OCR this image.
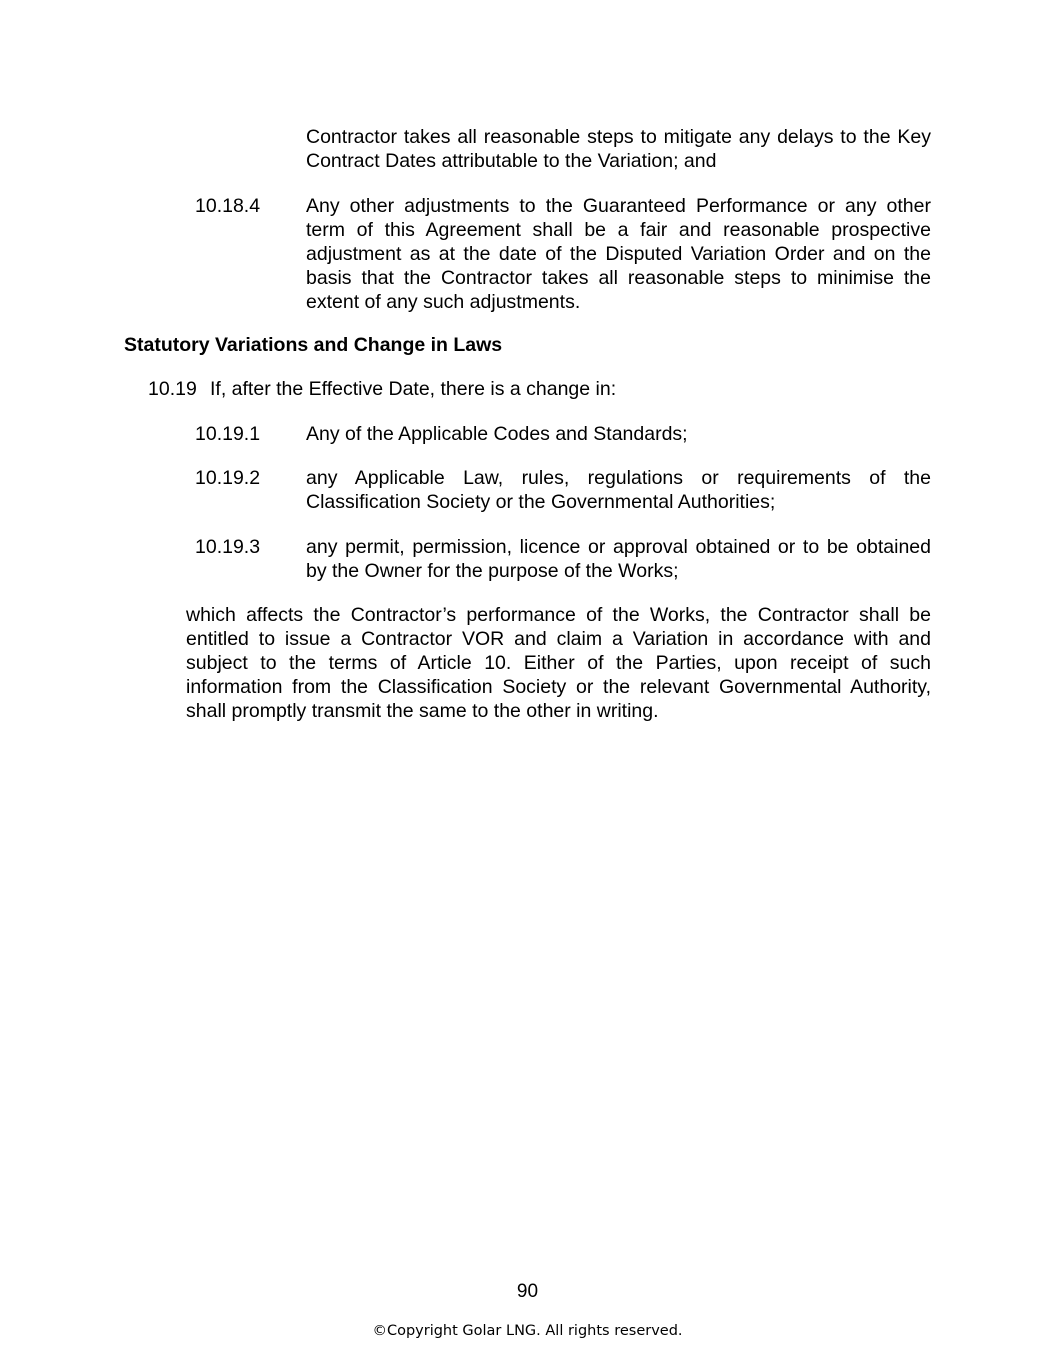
Contractor takes all reasonable steps to mitigate any delays to the Key Contract Dates attributable to the Variation; and

10.18.4 Any other adjustments to the Guaranteed Performance or any other term of this Agreement shall be a fair and reasonable prospective adjustment as at the date of the Disputed Variation Order and on the basis that the Contractor takes all reasonable steps to minimise the extent of any such adjustments.

Statutory Variations and Change in Laws

10.19 If, after the Effective Date, there is a change in:

10.19.1 Any of the Applicable Codes and Standards;

10.19.2 any Applicable Law, rules, regulations or requirements of the Classification Society or the Governmental Authorities;

10.19.3 any permit, permission, licence or approval obtained or to be obtained by the Owner for the purpose of the Works;

which affects the Contractor’s performance of the Works, the Contractor shall be entitled to issue a Contractor VOR and claim a Variation in accordance with and subject to the terms of Article 10. Either of the Parties, upon receipt of such information from the Classification Society or the relevant Governmental Authority, shall promptly transmit the same to the other in writing.

90
©Copyright Golar LNG. All rights reserved.
